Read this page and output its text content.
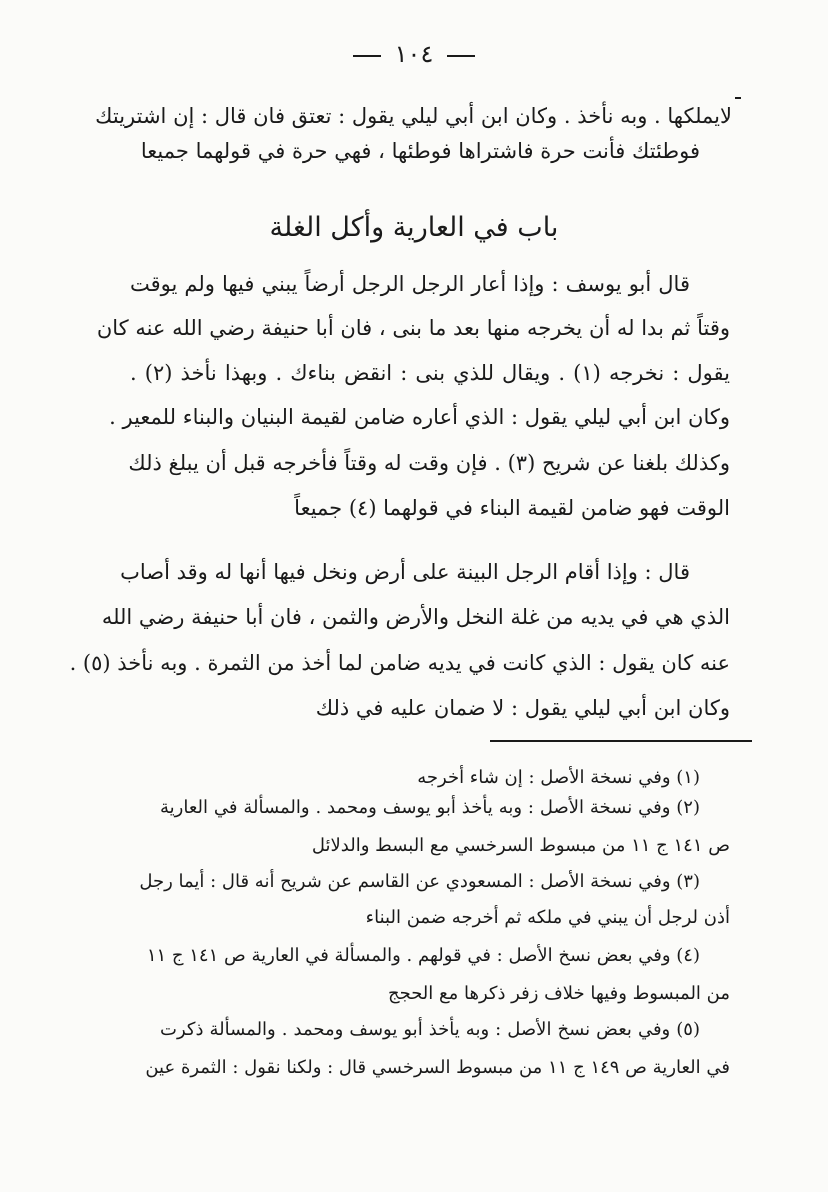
١٠٤
لايملكها . وبه نأخذ . وكان ابن أبي ليلي يقول : تعتق فان قال : إن اشتريتك
فوطئتك فأنت حرة فاشتراها فوطئها ، فهي حرة في قولهما جميعا
باب في العارية وأكل الغلة
قال أبو يوسف : وإذا أعار الرجل الرجل أرضاً يبني فيها ولم يوقت
وقتاً ثم بدا له أن يخرجه منها بعد ما بنى ، فان أبا حنيفة رضي الله عنه كان
يقول : نخرجه (١) . ويقال للذي بنى : انقض بناءك . وبهذا نأخذ (٢) .
وكان ابن أبي ليلي يقول : الذي أعاره ضامن لقيمة البنيان والبناء للمعير .
وكذلك بلغنا عن شريح (٣) . فإن وقت له وقتاً فأخرجه قبل أن يبلغ ذلك
الوقت فهو ضامن لقيمة البناء في قولهما (٤) جميعاً
قال : وإذا أقام الرجل البينة على أرض ونخل فيها أنها له وقد أصاب
الذي هي في يديه من غلة النخل والأرض والثمن ، فان أبا حنيفة رضي الله
عنه كان يقول : الذي كانت في يديه ضامن لما أخذ من الثمرة . وبه نأخذ (٥) .
وكان ابن أبي ليلي يقول : لا ضمان عليه في ذلك
(١) وفي نسخة الأصل : إن شاء أخرجه
(٢) وفي نسخة الأصل : وبه يأخذ أبو يوسف ومحمد . والمسألة في العارية
ص ١٤١ ج ١١ من مبسوط السرخسي مع البسط والدلائل
(٣) وفي نسخة الأصل : المسعودي عن القاسم عن شريح أنه قال : أيما رجل
أذن لرجل أن يبني في ملكه ثم أخرجه ضمن البناء
(٤) وفي بعض نسخ الأصل : في قولهم . والمسألة في العارية ص ١٤١ ج ١١
من المبسوط وفيها خلاف زفر ذكرها مع الحجج
(٥) وفي بعض نسخ الأصل : وبه يأخذ أبو يوسف ومحمد . والمسألة ذكرت
في العارية ص ١٤٩ ج ١١ من مبسوط السرخسي قال : ولكنا نقول : الثمرة عين
